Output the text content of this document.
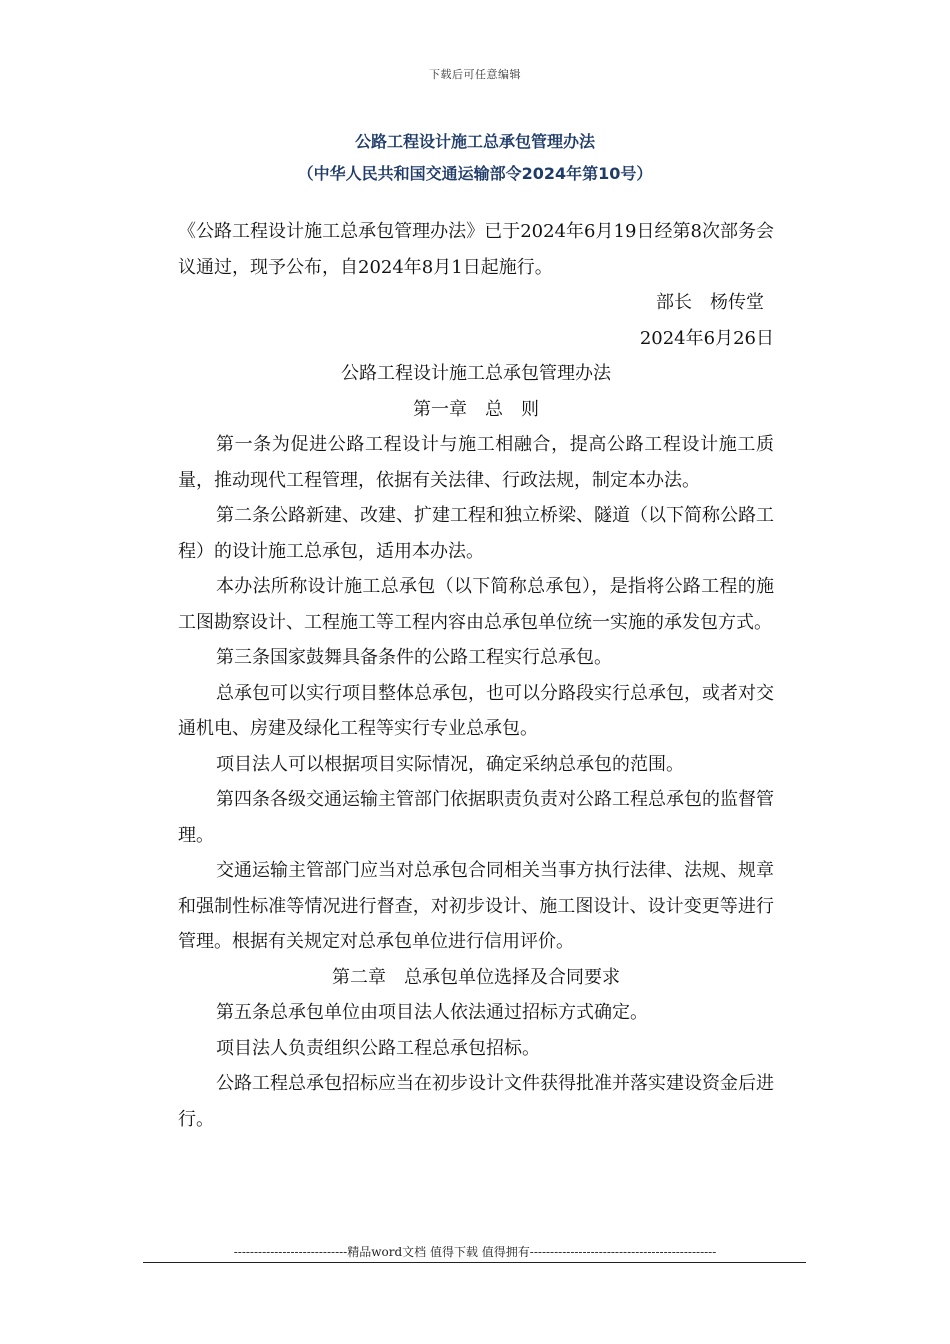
下载后可任意编辑
公路工程设计施工总承包管理办法
（中华人民共和国交通运输部令2024年第10号）

《公路工程设计施工总承包管理办法》已于2024年6月19日经第8次部务会议通过，现予公布，自2024年8月1日起施行。

部长　杨传堂

2024年6月26日

公路工程设计施工总承包管理办法

第一章　总　则

第一条为促进公路工程设计与施工相融合，提高公路工程设计施工质量，推动现代工程管理，依据有关法律、行政法规，制定本办法。

第二条公路新建、改建、扩建工程和独立桥梁、隧道（以下简称公路工程）的设计施工总承包，适用本办法。

本办法所称设计施工总承包（以下简称总承包），是指将公路工程的施工图勘察设计、工程施工等工程内容由总承包单位统一实施的承发包方式。

第三条国家鼓舞具备条件的公路工程实行总承包。

总承包可以实行项目整体总承包，也可以分路段实行总承包，或者对交通机电、房建及绿化工程等实行专业总承包。

项目法人可以根据项目实际情况，确定采纳总承包的范围。

第四条各级交通运输主管部门依据职责负责对公路工程总承包的监督管理。

交通运输主管部门应当对总承包合同相关当事方执行法律、法规、规章和强制性标准等情况进行督查，对初步设计、施工图设计、设计变更等进行管理。根据有关规定对总承包单位进行信用评价。

第二章　总承包单位选择及合同要求

第五条总承包单位由项目法人依法通过招标方式确定。

项目法人负责组织公路工程总承包招标。

公路工程总承包招标应当在初步设计文件获得批准并落实建设资金后进行。

----------------------------精品word文档 值得下载 值得拥有----------------------------------------------
